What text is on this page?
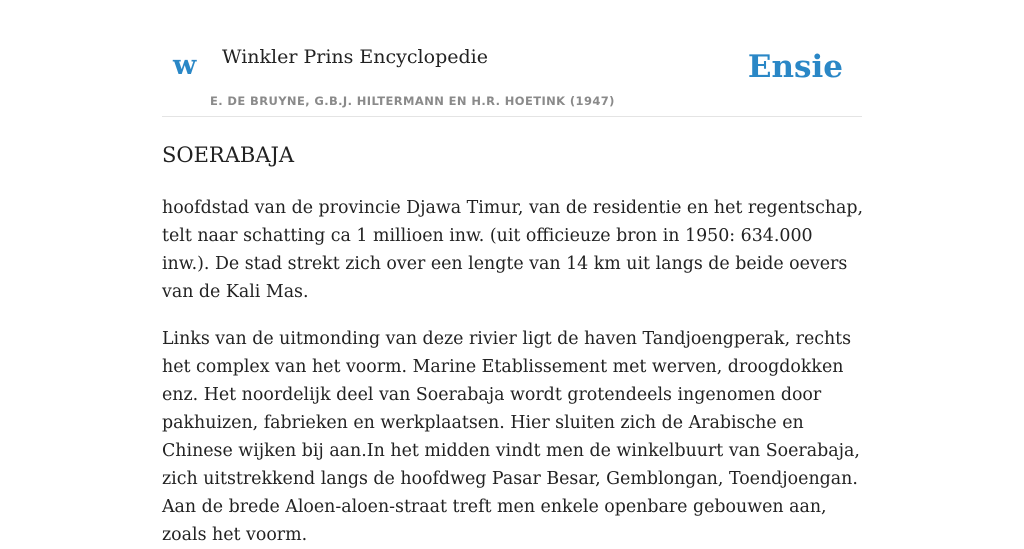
w Winkler Prins Encyclopedie
E. DE BRUYNE, G.B.J. HILTERMANN EN H.R. HOETINK (1947)
Ensie
SOERABAJA

hoofdstad van de provincie Djawa Timur, van de residentie en het regentschap, telt naar schatting ca 1 millioen inw. (uit officieuze bron in 1950: 634.000 inw.). De stad strekt zich over een lengte van 14 km uit langs de beide oevers van de Kali Mas.

Links van de uitmonding van deze rivier ligt de haven Tandjoengperak, rechts het complex van het voorm. Marine Etablissement met werven, droogdokken enz. Het noordelijk deel van Soerabaja wordt grotendeels ingenomen door pakhuizen, fabrieken en werkplaatsen. Hier sluiten zich de Arabische en Chinese wijken bij aan.In het midden vindt men de winkelbuurt van Soerabaja, zich uitstrekkend langs de hoofdweg Pasar Besar, Gemblongan, Toendjoengan. Aan de brede Aloen-aloen-straat treft men enkele openbare gebouwen aan, zoals het voorm.
